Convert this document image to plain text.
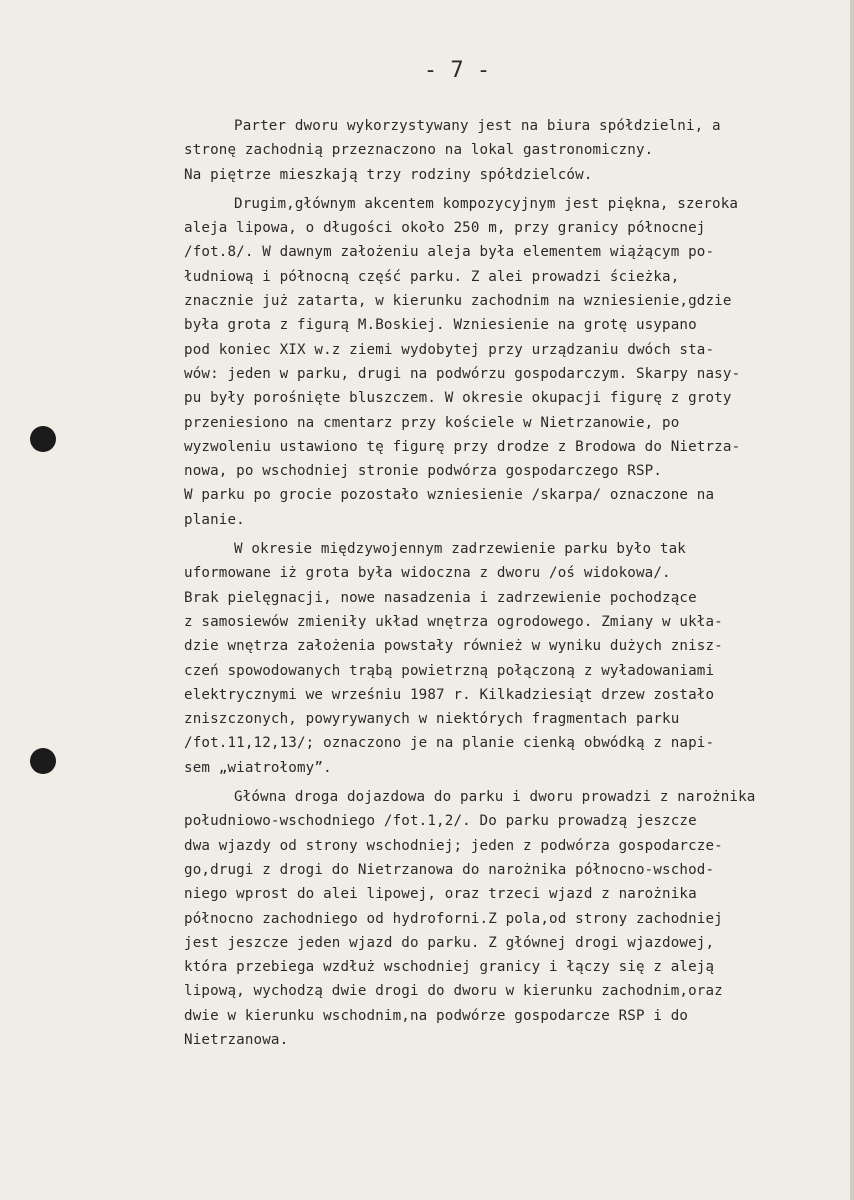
- 7 -
Parter dworu wykorzystywany jest na biura spółdzielni, a
stronę zachodnią przeznaczono na lokal gastronomiczny.
Na piętrze mieszkają trzy rodziny spółdzielców.
Drugim,głównym akcentem kompozycyjnym jest piękna, szeroka
aleja lipowa, o długości około 250 m, przy granicy północnej
/fot.8/. W dawnym założeniu aleja była elementem wiążącym po-
łudniową i północną część parku. Z alei prowadzi ścieżka,
znacznie już zatarta, w kierunku zachodnim na wzniesienie,gdzie
była grota z figurą M.Boskiej. Wzniesienie na grotę usypano
pod koniec XIX w.z ziemi wydobytej przy urządzaniu dwóch sta-
wów: jeden w parku, drugi na podwórzu gospodarczym. Skarpy nasy-
pu były porośnięte bluszczem. W okresie okupacji figurę z groty
przeniesiono na cmentarz przy kościele w Nietrzanowie, po
wyzwoleniu ustawiono tę figurę przy drodze z Brodowa do Nietrza-
nowa, po wschodniej stronie podwórza gospodarczego RSP.
W parku po grocie pozostało wzniesienie /skarpa/ oznaczone na
planie.
W okresie międzywojennym zadrzewienie parku było tak
uformowane iż grota była widoczna z dworu /oś widokowa/.
Brak pielęgnacji, nowe nasadzenia i zadrzewienie pochodzące
z samosiewów zmieniły układ wnętrza ogrodowego. Zmiany w ukła-
dzie wnętrza założenia powstały również w wyniku dużych znisz-
czeń spowodowanych trąbą powietrzną połączoną z wyładowaniami
elektrycznymi we wrześniu 1987 r. Kilkadziesiąt drzew zostało
zniszczonych, powyrywanych w niektórych fragmentach parku
/fot.11,12,13/; oznaczono je na planie cienką obwódką z napi-
sem „wiatrołomy”.
Główna droga dojazdowa do parku i dworu prowadzi z narożnika
południowo-wschodniego /fot.1,2/. Do parku prowadzą jeszcze
dwa wjazdy od strony wschodniej; jeden z podwórza gospodarcze-
go,drugi z drogi do Nietrzanowa do narożnika północno-wschod-
niego wprost do alei lipowej, oraz trzeci wjazd z narożnika
północno zachodniego od hydroforni.Z pola,od strony zachodniej
jest jeszcze jeden wjazd do parku. Z głównej drogi wjazdowej,
która przebiega wzdłuż wschodniej granicy i łączy się z aleją
lipową, wychodzą dwie drogi do dworu w kierunku zachodnim,oraz
dwie w kierunku wschodnim,na podwórze gospodarcze RSP i do
Nietrzanowa.
